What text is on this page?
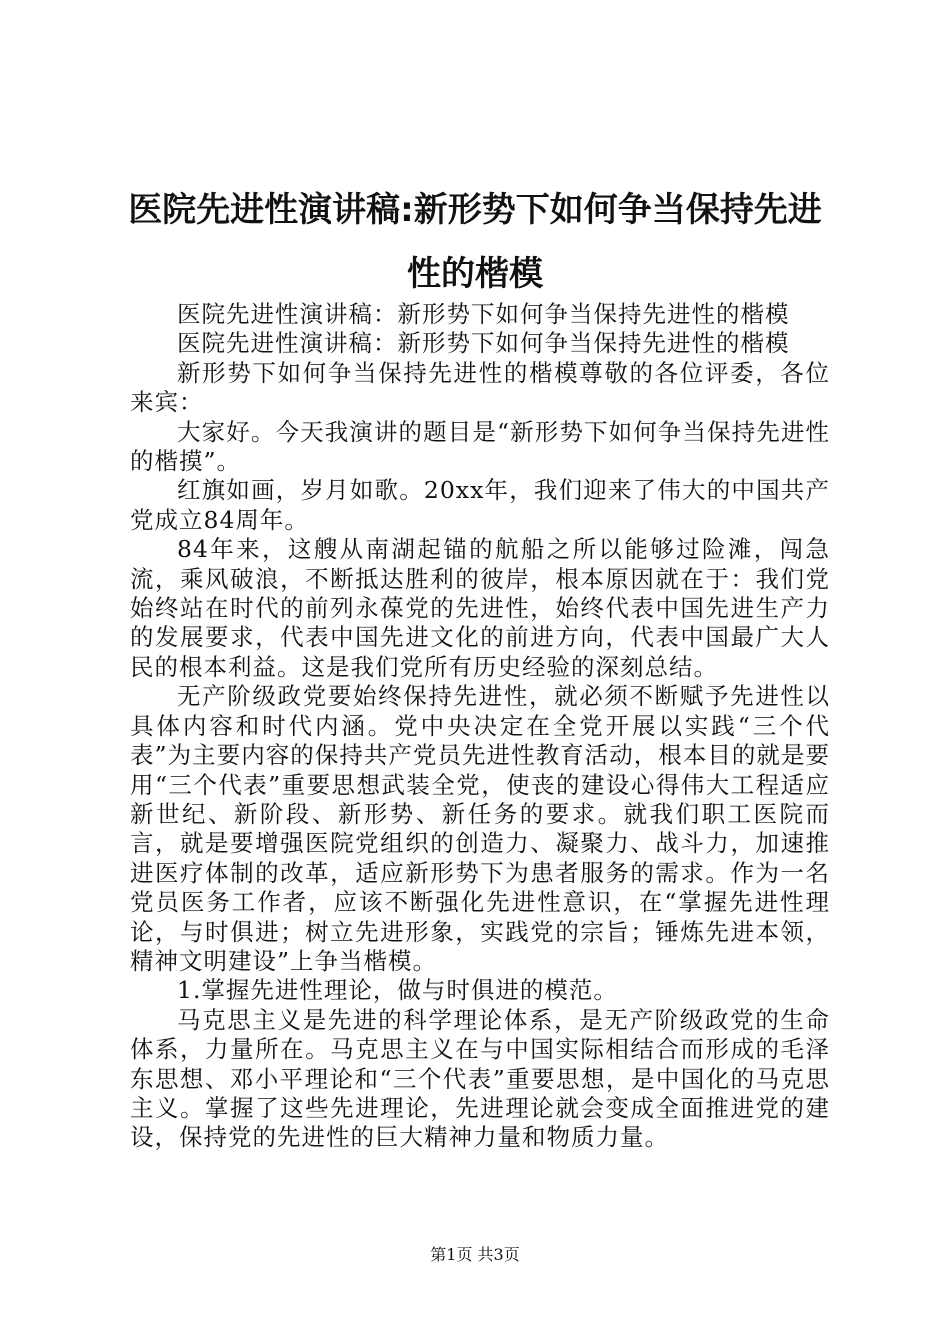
医院先进性演讲稿:新形势下如何争当保持先进性的楷模

医院先进性演讲稿：新形势下如何争当保持先进性的楷模

医院先进性演讲稿：新形势下如何争当保持先进性的楷模

新形势下如何争当保持先进性的楷模尊敬的各位评委，各位来宾：

大家好。今天我演讲的题目是“新形势下如何争当保持先进性的楷摸”。

红旗如画，岁月如歌。20xx年，我们迎来了伟大的中国共产党成立84周年。

84年来，这艘从南湖起锚的航船之所以能够过险滩，闯急流，乘风破浪，不断抵达胜利的彼岸，根本原因就在于：我们党始终站在时代的前列永葆党的先进性，始终代表中国先进生产力的发展要求，代表中国先进文化的前进方向，代表中国最广大人民的根本利益。这是我们党所有历史经验的深刻总结。

无产阶级政党要始终保持先进性，就必须不断赋予先进性以具体内容和时代内涵。党中央决定在全党开展以实践“三个代表”为主要内容的保持共产党员先进性教育活动，根本目的就是要用“三个代表”重要思想武装全党，使丧的建设心得伟大工程适应新世纪、新阶段、新形势、新任务的要求。就我们职工医院而言，就是要增强医院党组织的创造力、凝聚力、战斗力，加速推进医疗体制的改革，适应新形势下为患者服务的需求。作为一名党员医务工作者，应该不断强化先进性意识，在“掌握先进性理论，与时俱进；树立先进形象，实践党的宗旨；锤炼先进本领，精神文明建设”上争当楷模。

1.掌握先进性理论，做与时俱进的模范。

马克思主义是先进的科学理论体系，是无产阶级政党的生命体系，力量所在。马克思主义在与中国实际相结合而形成的毛泽东思想、邓小平理论和“三个代表”重要思想，是中国化的马克思主义。掌握了这些先进理论，先进理论就会变成全面推进党的建设，保持党的先进性的巨大精神力量和物质力量。

第1页 共3页
